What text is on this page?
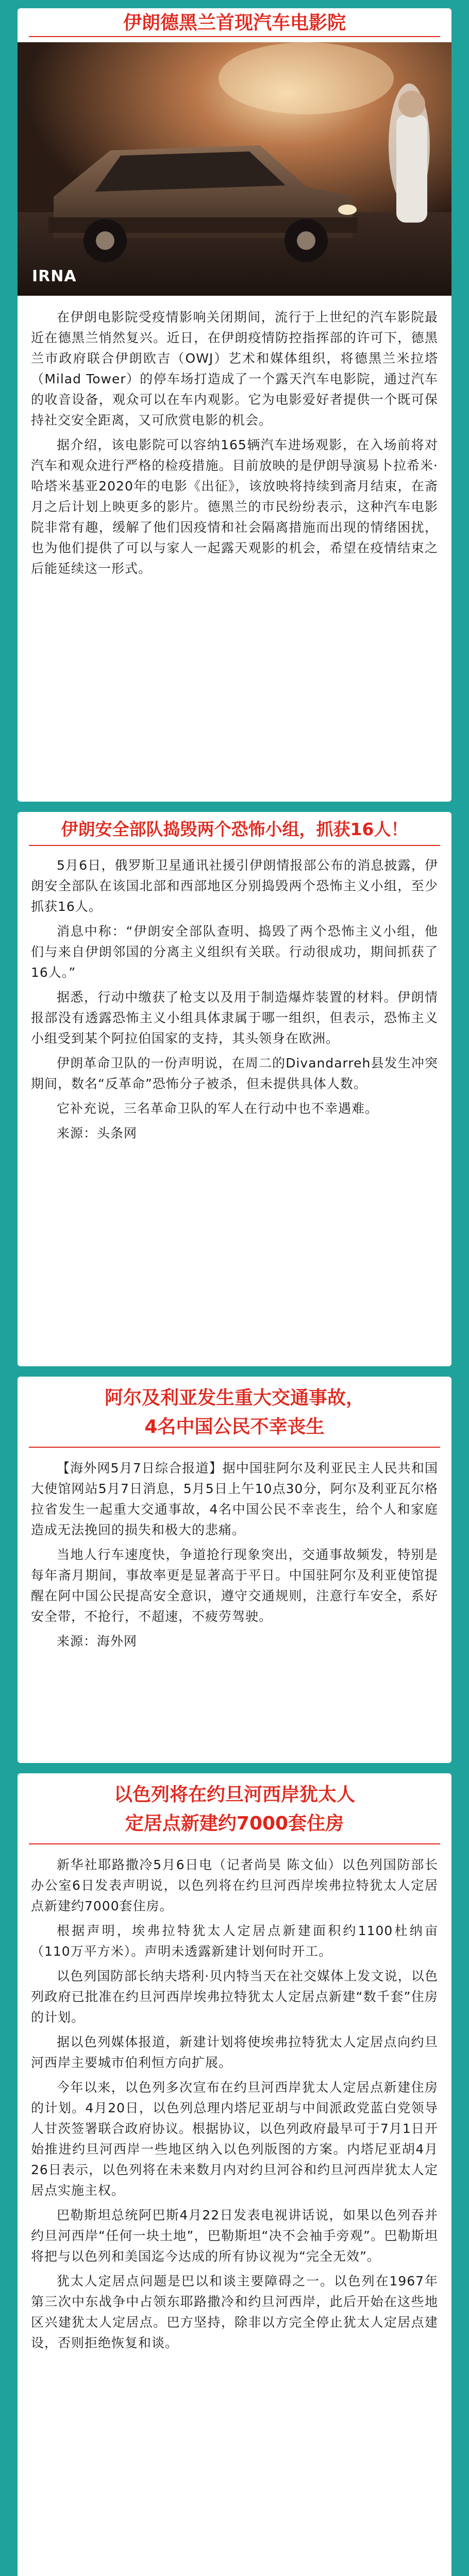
伊朗德黑兰首现汽车电影院
IRNA

在伊朗电影院受疫情影响关闭期间，流行于上世纪的汽车影院最近在德黑兰悄然复兴。近日，在伊朗疫情防控指挥部的许可下，德黑兰市政府联合伊朗欧吉（OWJ）艺术和媒体组织，将德黑兰米拉塔（Milad Tower）的停车场打造成了一个露天汽车电影院，通过汽车的收音设备，观众可以在车内观影。它为电影爱好者提供一个既可保持社交安全距离，又可欣赏电影的机会。

据介绍，该电影院可以容纳165辆汽车进场观影，在入场前将对汽车和观众进行严格的检疫措施。目前放映的是伊朗导演易卜拉希米·哈塔米基亚2020年的电影《出征》，该放映将持续到斋月结束，在斋月之后计划上映更多的影片。德黑兰的市民纷纷表示，这种汽车电影院非常有趣，缓解了他们因疫情和社会隔离措施而出现的情绪困扰，也为他们提供了可以与家人一起露天观影的机会，希望在疫情结束之后能延续这一形式。

伊朗安全部队捣毁两个恐怖小组，抓获16人！

5月6日，俄罗斯卫星通讯社援引伊朗情报部公布的消息披露，伊朗安全部队在该国北部和西部地区分别捣毁两个恐怖主义小组，至少抓获16人。

消息中称：“伊朗安全部队查明、捣毁了两个恐怖主义小组，他们与来自伊朗邻国的分离主义组织有关联。行动很成功，期间抓获了16人。”

据悉，行动中缴获了枪支以及用于制造爆炸装置的材料。伊朗情报部没有透露恐怖主义小组具体隶属于哪一组织，但表示，恐怖主义小组受到某个阿拉伯国家的支持，其头领身在欧洲。

伊朗革命卫队的一份声明说，在周二的Divandarreh县发生冲突期间，数名“反革命”恐怖分子被杀，但未提供具体人数。

它补充说，三名革命卫队的军人在行动中也不幸遇难。

来源：头条网

阿尔及利亚发生重大交通事故，
4名中国公民不幸丧生

【海外网5月7日综合报道】据中国驻阿尔及利亚民主人民共和国大使馆网站5月7日消息，5月5日上午10点30分，阿尔及利亚瓦尔格拉省发生一起重大交通事故，4名中国公民不幸丧生，给个人和家庭造成无法挽回的损失和极大的悲痛。

当地人行车速度快，争道抢行现象突出，交通事故频发，特别是每年斋月期间，事故率更是显著高于平日。中国驻阿尔及利亚使馆提醒在阿中国公民提高安全意识，遵守交通规则，注意行车安全，系好安全带，不抢行，不超速，不疲劳驾驶。

来源：海外网

以色列将在约旦河西岸犹太人
定居点新建约7000套住房

新华社耶路撒冷5月6日电（记者尚昊 陈文仙）以色列国防部长办公室6日发表声明说，以色列将在约旦河西岸埃弗拉特犹太人定居点新建约7000套住房。

根据声明，埃弗拉特犹太人定居点新建面积约1100杜纳亩（110万平方米）。声明未透露新建计划何时开工。

以色列国防部长纳夫塔利·贝内特当天在社交媒体上发文说，以色列政府已批准在约旦河西岸埃弗拉特犹太人定居点新建“数千套”住房的计划。

据以色列媒体报道，新建计划将使埃弗拉特犹太人定居点向约旦河西岸主要城市伯利恒方向扩展。

今年以来，以色列多次宣布在约旦河西岸犹太人定居点新建住房的计划。4月20日，以色列总理内塔尼亚胡与中间派政党蓝白党领导人甘茨签署联合政府协议。根据协议，以色列政府最早可于7月1日开始推进约旦河西岸一些地区纳入以色列版图的方案。内塔尼亚胡4月26日表示，以色列将在未来数月内对约旦河谷和约旦河西岸犹太人定居点实施主权。

巴勒斯坦总统阿巴斯4月22日发表电视讲话说，如果以色列吞并约旦河西岸“任何一块土地”，巴勒斯坦“决不会袖手旁观”。巴勒斯坦将把与以色列和美国迄今达成的所有协议视为“完全无效”。

犹太人定居点问题是巴以和谈主要障碍之一。以色列在1967年第三次中东战争中占领东耶路撒冷和约旦河西岸，此后开始在这些地区兴建犹太人定居点。巴方坚持，除非以方完全停止犹太人定居点建设，否则拒绝恢复和谈。
